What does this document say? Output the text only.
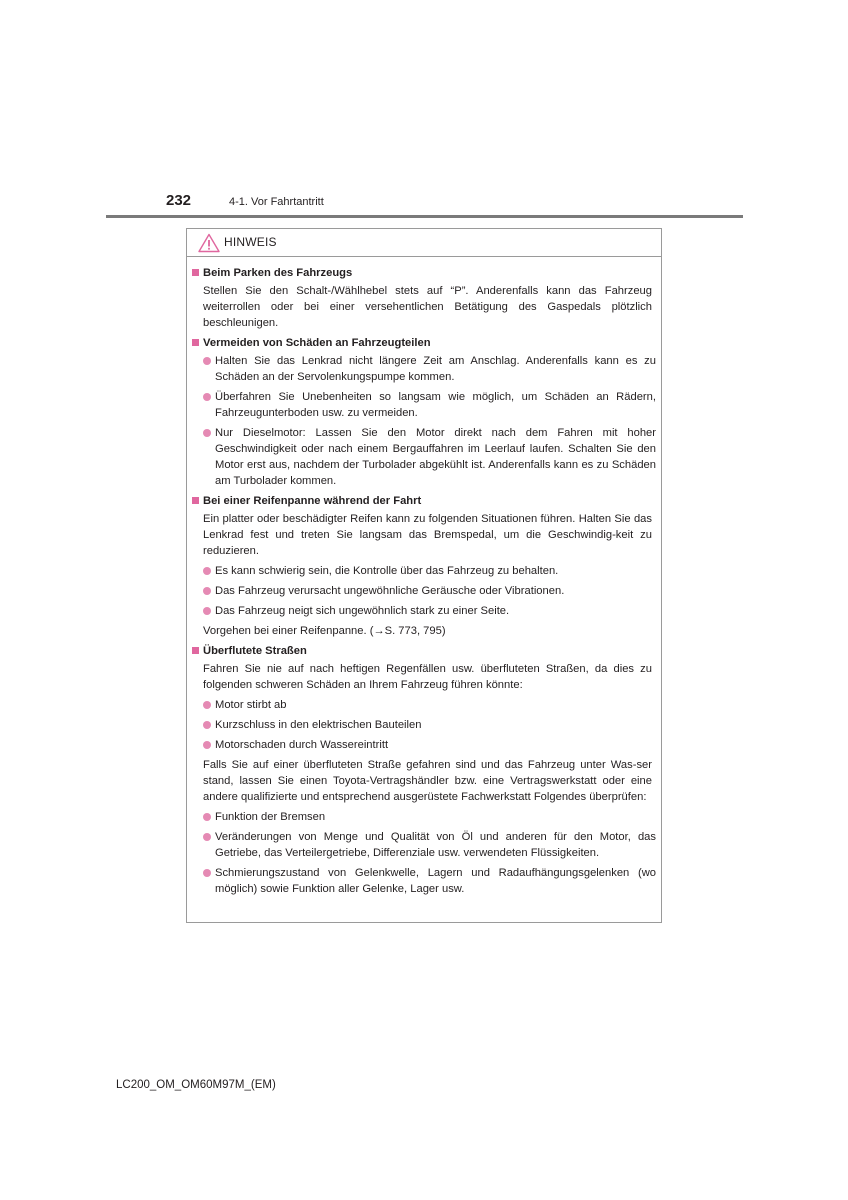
232	4-1. Vor Fahrtantritt
HINWEIS
Beim Parken des Fahrzeugs
Stellen Sie den Schalt-/Wählhebel stets auf “P”. Anderenfalls kann das Fahrzeug weiterrollen oder bei einer versehentlichen Betätigung des Gaspedals plötzlich beschleunigen.
Vermeiden von Schäden an Fahrzeugteilen
Halten Sie das Lenkrad nicht längere Zeit am Anschlag. Anderenfalls kann es zu Schäden an der Servolenkungspumpe kommen.
Überfahren Sie Unebenheiten so langsam wie möglich, um Schäden an Rädern, Fahrzeugunterboden usw. zu vermeiden.
Nur Dieselmotor: Lassen Sie den Motor direkt nach dem Fahren mit hoher Geschwindigkeit oder nach einem Bergauffahren im Leerlauf laufen. Schalten Sie den Motor erst aus, nachdem der Turbolader abgekühlt ist. Anderenfalls kann es zu Schäden am Turbolader kommen.
Bei einer Reifenpanne während der Fahrt
Ein platter oder beschädigter Reifen kann zu folgenden Situationen führen. Halten Sie das Lenkrad fest und treten Sie langsam das Bremspedal, um die Geschwindig-keit zu reduzieren.
Es kann schwierig sein, die Kontrolle über das Fahrzeug zu behalten.
Das Fahrzeug verursacht ungewöhnliche Geräusche oder Vibrationen.
Das Fahrzeug neigt sich ungewöhnlich stark zu einer Seite.
Vorgehen bei einer Reifenpanne. (→S. 773, 795)
Überflutete Straßen
Fahren Sie nie auf nach heftigen Regenfällen usw. überfluteten Straßen, da dies zu folgenden schweren Schäden an Ihrem Fahrzeug führen könnte:
Motor stirbt ab
Kurzschluss in den elektrischen Bauteilen
Motorschaden durch Wassereintritt
Falls Sie auf einer überfluteten Straße gefahren sind und das Fahrzeug unter Was-ser stand, lassen Sie einen Toyota-Vertragshändler bzw. eine Vertragswerkstatt oder eine andere qualifizierte und entsprechend ausgerüstete Fachwerkstatt Folgendes überprüfen:
Funktion der Bremsen
Veränderungen von Menge und Qualität von Öl und anderen für den Motor, das Getriebe, das Verteilergetriebe, Differenziale usw. verwendeten Flüssigkeiten.
Schmierungszustand von Gelenkwelle, Lagern und Radaufhängungsgelenken (wo möglich) sowie Funktion aller Gelenke, Lager usw.
LC200_OM_OM60M97M_(EM)
